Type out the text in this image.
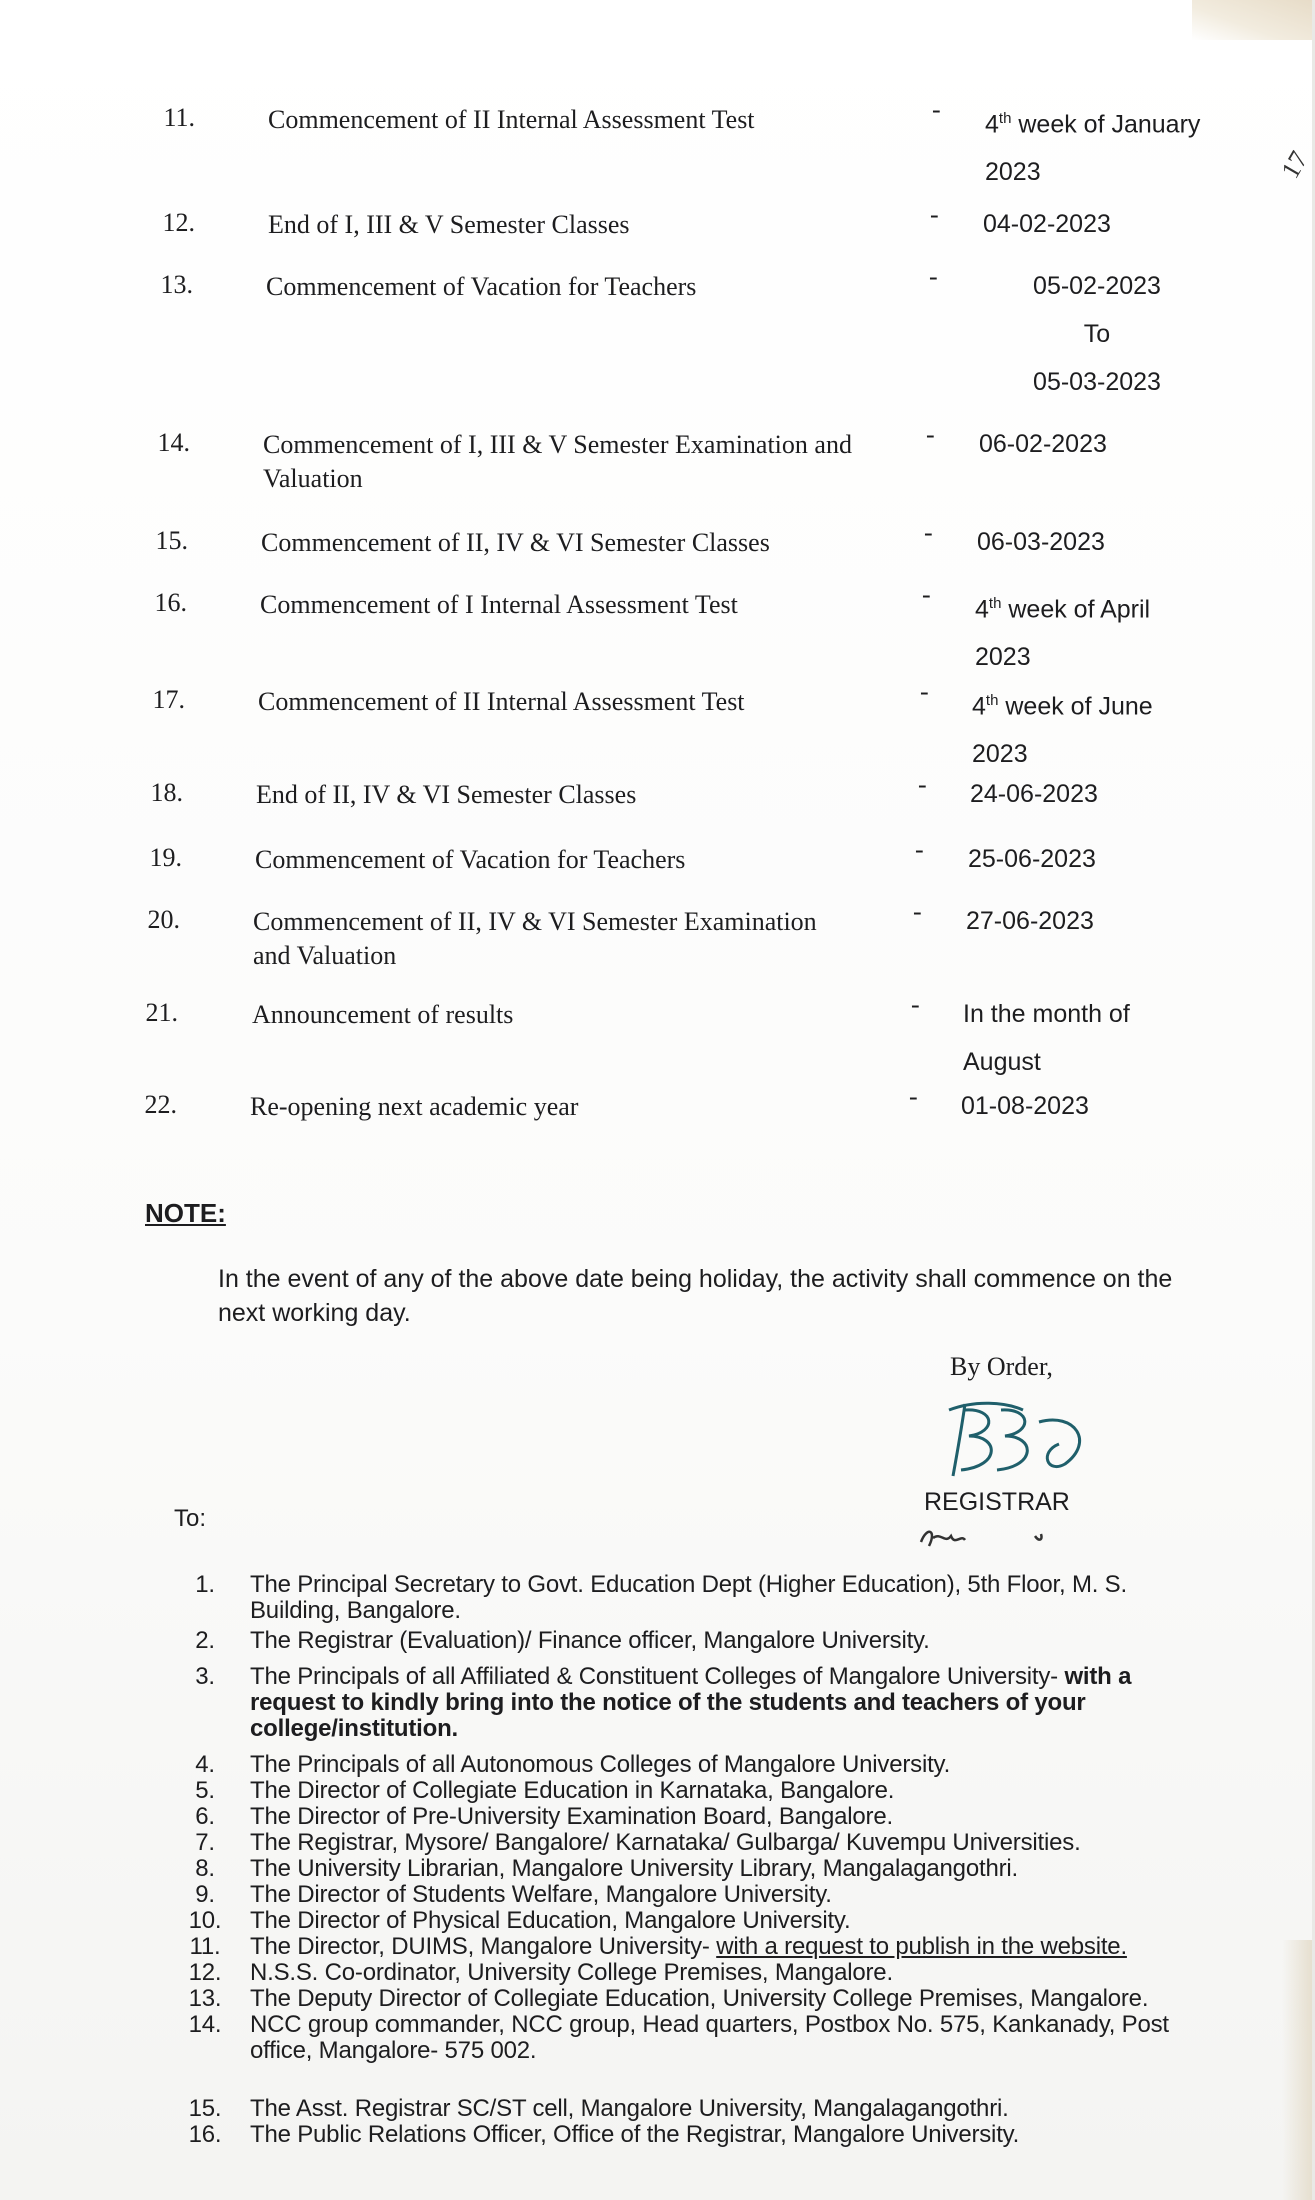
17
11.	Commencement of II Internal Assessment Test	-
4th week of January
2023
12.	End of I, III & V Semester Classes	- 04-02-2023
13.	Commencement of Vacation for Teachers	-	05-02-2023
To
05-03-2023
14.	Commencement of I, III & V Semester Examination and Valuation
- 06-02-2023
15.	Commencement of II, IV & VI Semester Classes	- 06-03-2023
16.	Commencement of I Internal Assessment Test	-
4th week of April
2023
17.	Commencement of II Internal Assessment Test	-
4th week of June
2023
18.	End of II, IV & VI Semester Classes	- 24-06-2023
19.	Commencement of Vacation for Teachers	- 25-06-2023
20.	Commencement of II, IV & VI Semester Examination and Valuation
- 27-06-2023
21.	Announcement of results	- In the month of
August
22.	Re-opening next academic year	- 01-08-2023
NOTE:
In the event of any of the above date being holiday, the activity shall commence on the next working day.
By Order,
BB
REGISTRAR
To:
1.	The Principal Secretary to Govt. Education Dept (Higher Education), 5th Floor, M. S. Building, Bangalore.
2.	The Registrar (Evaluation)/ Finance officer, Mangalore University.
3.	The Principals of all Affiliated & Constituent Colleges of Mangalore University- with a request to kindly bring into the notice of the students and teachers of your college/institution.
4.	The Principals of all Autonomous Colleges of Mangalore University.
5.	The Director of Collegiate Education in Karnataka, Bangalore.
6.	The Director of Pre-University Examination Board, Bangalore.
7.	The Registrar, Mysore/ Bangalore/ Karnataka/ Gulbarga/ Kuvempu Universities.
8.	The University Librarian, Mangalore University Library, Mangalagangothri.
9.	The Director of Students Welfare, Mangalore University.
10.	The Director of Physical Education, Mangalore University.
11.	The Director, DUIMS, Mangalore University- with a request to publish in the website.
12.	N.S.S. Co-ordinator, University College Premises, Mangalore.
13.	The Deputy Director of Collegiate Education, University College Premises, Mangalore.
14.	NCC group commander, NCC group, Head quarters, Postbox No. 575, Kankanady, Post office, Mangalore- 575 002.
15.	The Asst. Registrar SC/ST cell, Mangalore University, Mangalagangothri.
16.	The Public Relations Officer, Office of the Registrar, Mangalore University.
